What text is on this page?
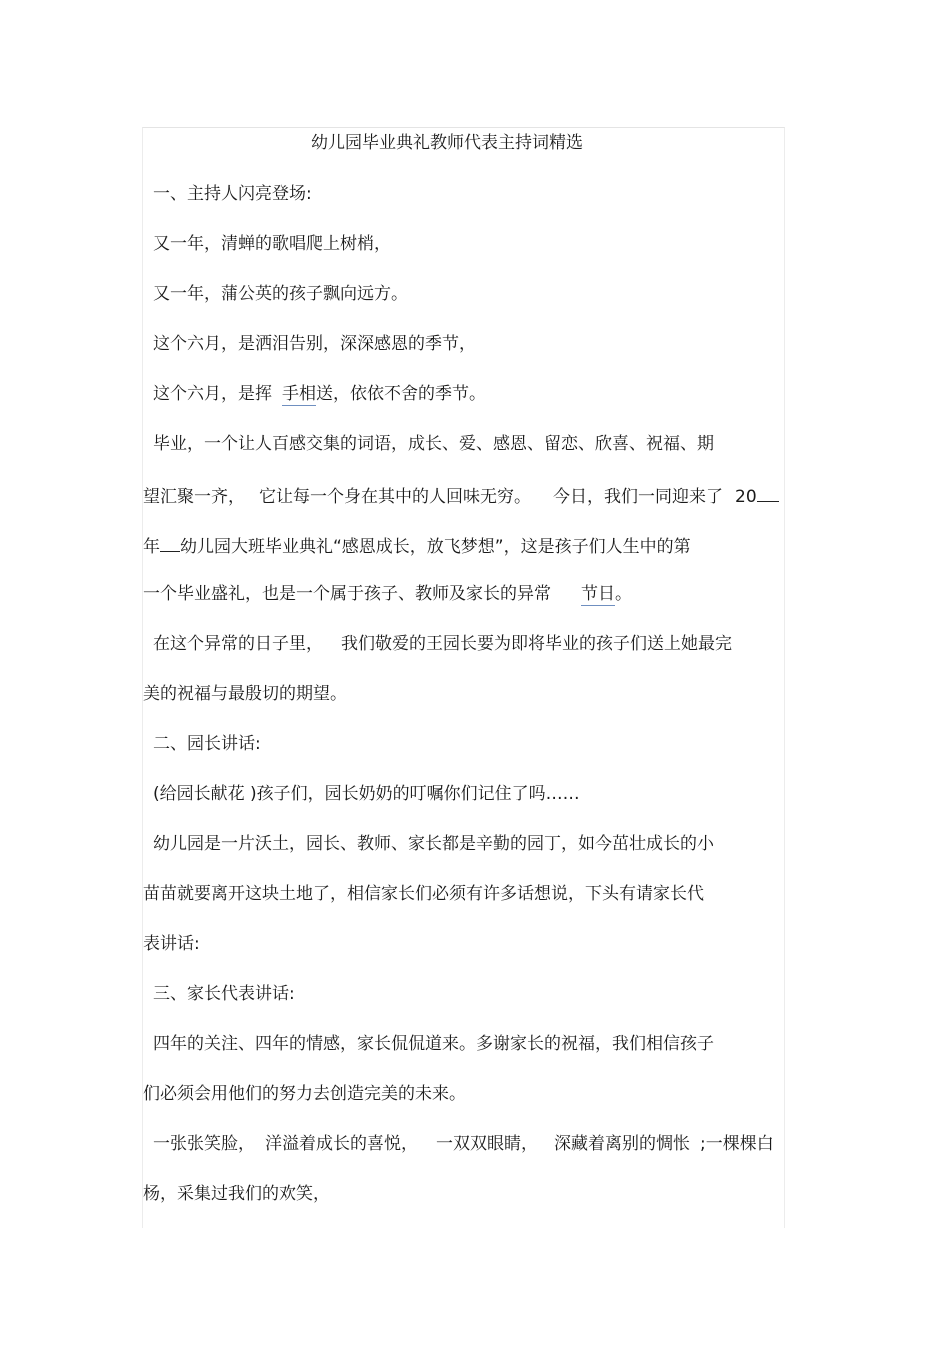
幼儿园毕业典礼教师代表主持词精选
一、主持人闪亮登场:
又一年，清蝉的歌唱爬上树梢，
又一年，蒲公英的孩子飘向远方。
这个六月，是洒泪告别，深深感恩的季节，
这个六月，是挥 手相送，依依不舍的季节。
毕业，一个让人百感交集的词语，成长、爱、感恩、留恋、欣喜、祝福、期
望汇聚一齐， 它让每一个身在其中的人回味无穷。 今日，我们一同迎来了 20
年 幼儿园大班毕业典礼“感恩成长，放飞梦想”，这是孩子们人生中的第
一个毕业盛礼，也是一个属于孩子、教师及家长的异常 节日。
在这个异常的日子里， 我们敬爱的王园长要为即将毕业的孩子们送上她最完
美的祝福与最殷切的期望。
二、园长讲话:
(给园长献花 )孩子们，园长奶奶的叮嘱你们记住了吗……
幼儿园是一片沃土，园长、教师、家长都是辛勤的园丁，如今茁壮成长的小
苗苗就要离开这块土地了，相信家长们必须有许多话想说，下头有请家长代
表讲话:
三、家长代表讲话:
四年的关注、四年的情感，家长侃侃道来。多谢家长的祝福，我们相信孩子
们必须会用他们的努力去创造完美的未来。
一张张笑脸， 洋溢着成长的喜悦， 一双双眼睛， 深藏着离别的惆怅 ;一棵棵白
杨，采集过我们的欢笑，
